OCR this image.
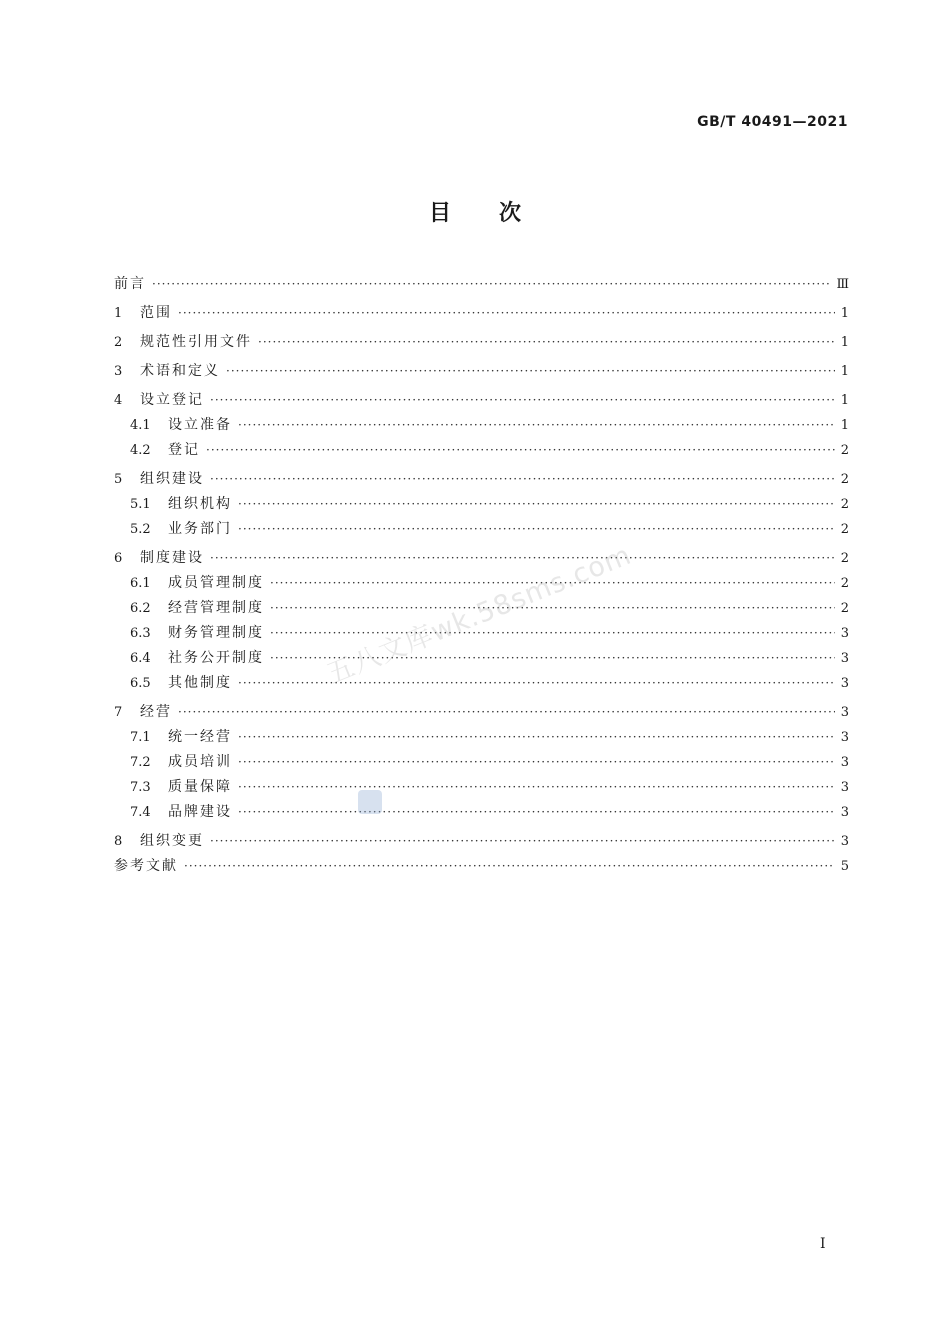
GB/T 40491—2021
目次
前言 ·····	Ⅲ
1	范围 ·····	1
2	规范性引用文件 ·····	1
3	术语和定义 ·····	1
4	设立登记 ·····	1
4.1	设立准备 ·····	1
4.2	登记 ·····	2
5	组织建设 ·····	2
5.1	组织机构 ·····	2
5.2	业务部门 ·····	2
6	制度建设 ·····	2
6.1	成员管理制度 ·····	2
6.2	经营管理制度 ·····	2
6.3	财务管理制度 ·····	3
6.4	社务公开制度 ·····	3
6.5	其他制度 ·····	3
7	经营 ·····	3
7.1	统一经营 ·····	3
7.2	成员培训 ·····	3
7.3	质量保障 ·····	3
7.4	品牌建设 ·····	3
8	组织变更 ·····	3
参考文献 ·····	5
五八文库wk.58sms.com
I
